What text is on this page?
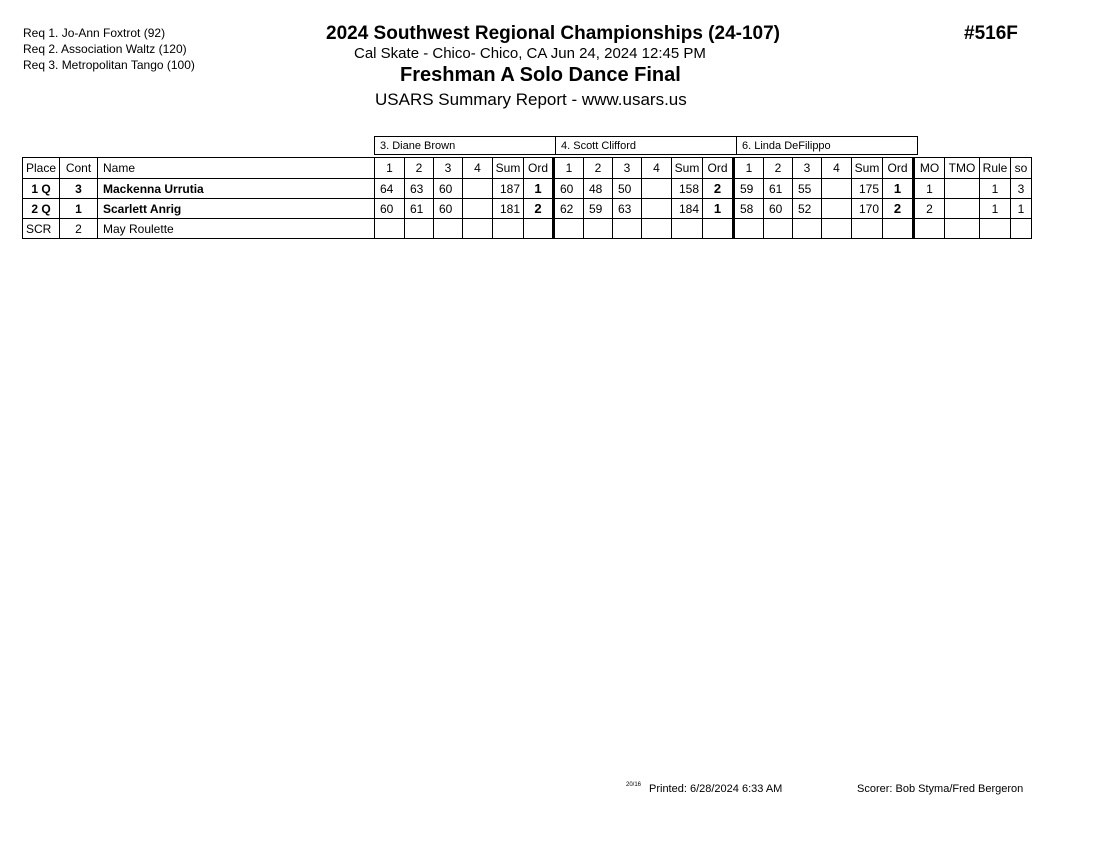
Req 1. Jo-Ann Foxtrot (92)
Req 2. Association Waltz (120)
Req 3. Metropolitan Tango (100)
2024 Southwest Regional Championships (24-107)
Cal Skate - Chico- Chico, CA Jun 24, 2024 12:45 PM
Freshman A Solo Dance Final
USARS Summary Report - www.usars.us
#516F
3. Diane Brown	4. Scott Clifford	6. Linda DeFilippo
Place	Cont	Name	1	2	3	4	Sum	Ord	1	2	3	4	Sum	Ord	1	2	3	4	Sum	Ord	MO	TMO	Rule	so
1 Q	3	Mackenna Urrutia	64	63	60		187	1	60	48	50		158	2	59	61	55		175	1	1		1	3
2 Q	1	Scarlett Anrig	60	61	60		181	2	62	59	63		184	1	58	60	52		170	2	2		1	1
SCR	2	May Roulette																						
20/16 Printed: 6/28/2024 6:33 AM	Scorer: Bob Styma/Fred Bergeron
